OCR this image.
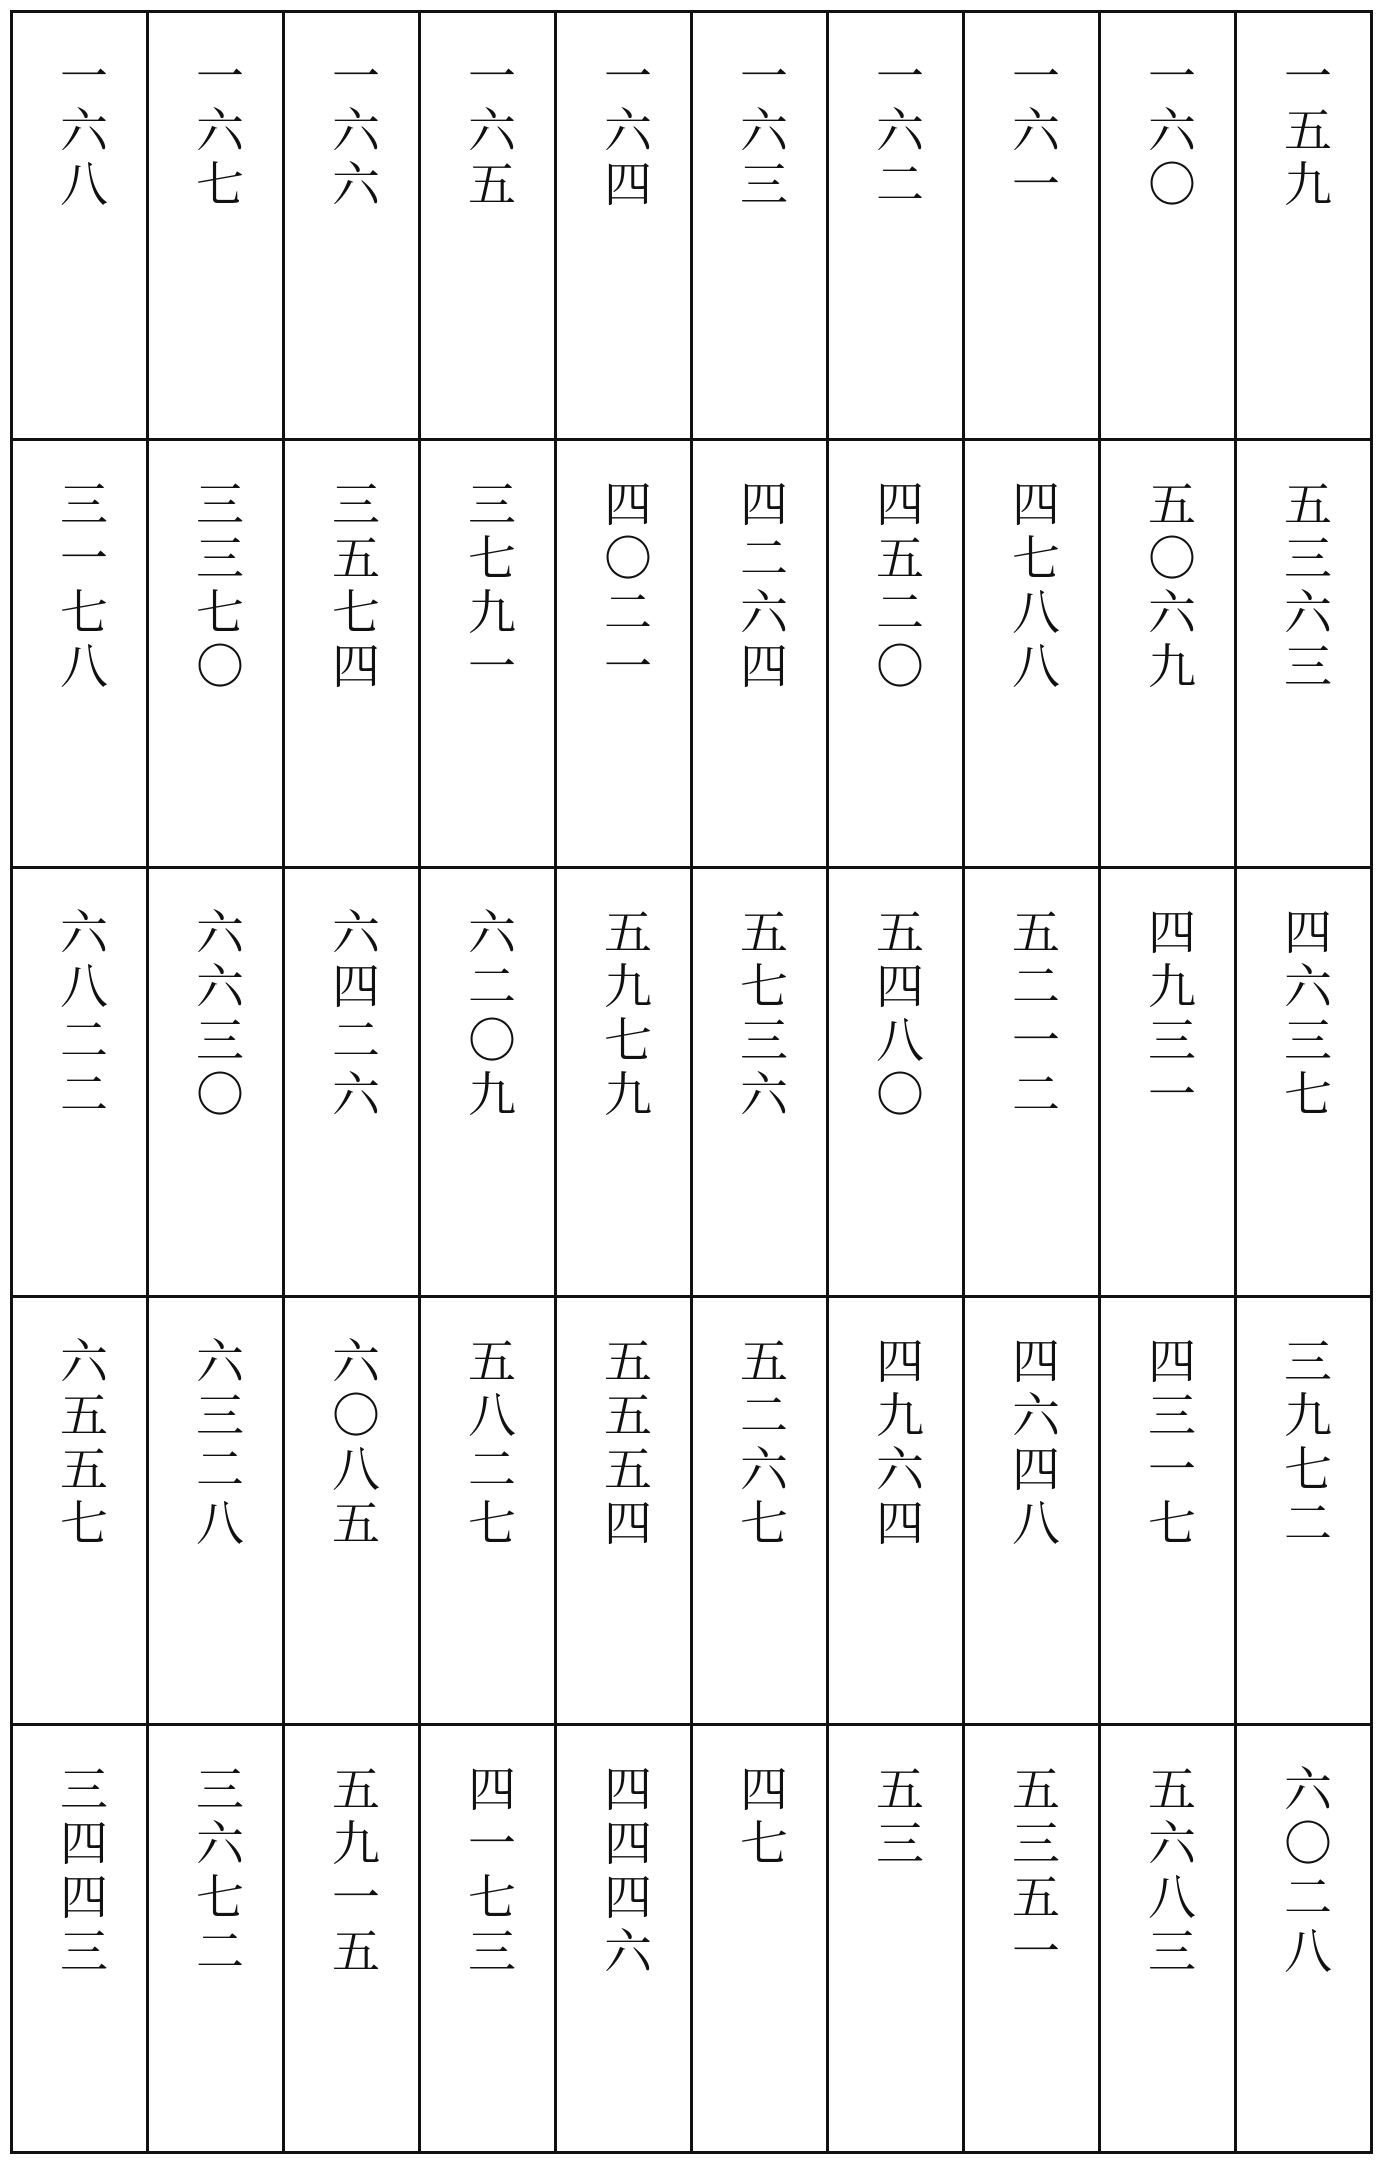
一六八 一六七 一六六 一六五 一六四 一六三 一六二 一六一 一六〇 一五九
三一七八 三三七〇 三五七四 三七九一 四〇二一 四二六四 四五二〇 四七八八 五〇六九 五三六三
六八二二 六六三〇 六四二六 六二〇九 五九七九 五七三六 五四八〇 五二一二 四九三一 四六三七
六五五七 六三二八 六〇八五 五八二七 五五五四 五二六七 四九六四 四六四八 四三一七 三九七二
三四四三 三六七二 五九一五 四一七三 四四四六 四七 五三 五三五一 五六八三 六〇二八
